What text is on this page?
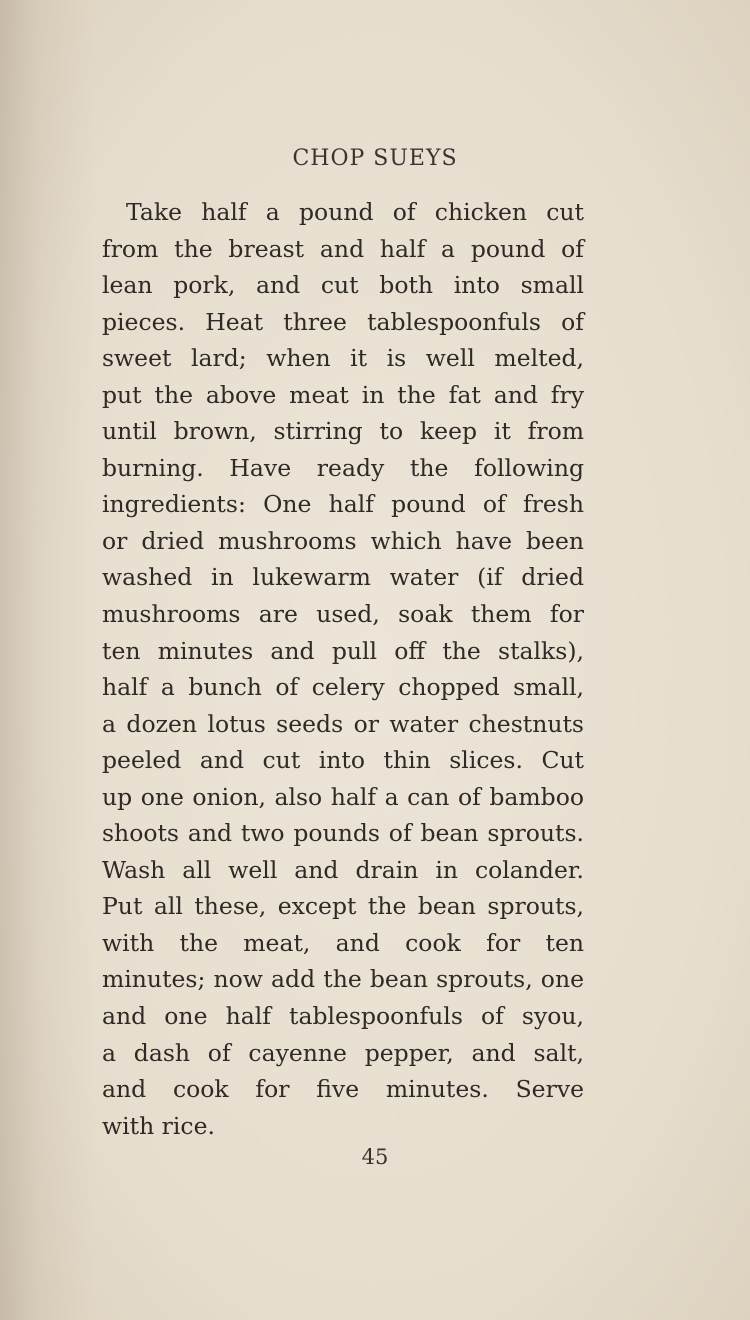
CHOP SUEYS
Take half a pound of chicken cut
from the breast and half a pound of
lean pork, and cut both into small
pieces. Heat three tablespoonfuls of
sweet lard; when it is well melted,
put the above meat in the fat and fry
until brown, stirring to keep it from
burning. Have ready the following
ingredients: One half pound of fresh
or dried mushrooms which have been
washed in lukewarm water (if dried
mushrooms are used, soak them for
ten minutes and pull off the stalks),
half a bunch of celery chopped small,
a dozen lotus seeds or water chestnuts
peeled and cut into thin slices. Cut
up one onion, also half a can of bamboo
shoots and two pounds of bean sprouts.
Wash all well and drain in colander.
Put all these, except the bean sprouts,
with the meat, and cook for ten
minutes; now add the bean sprouts, one
and one half tablespoonfuls of syou,
a dash of cayenne pepper, and salt,
and cook for five minutes. Serve
with rice.
45
